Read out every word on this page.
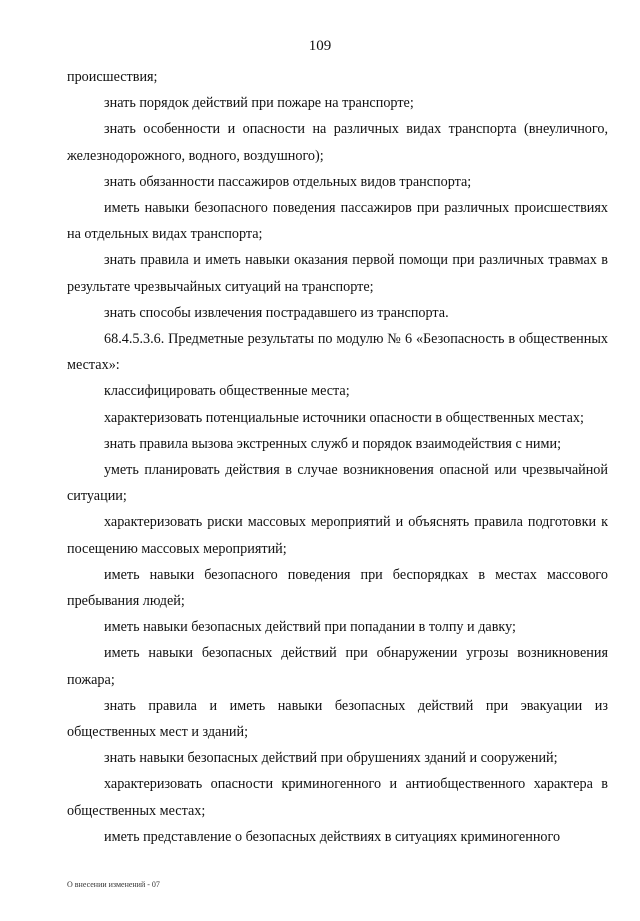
109

происшествия;

знать порядок действий при пожаре на транспорте;

знать особенности и опасности на различных видах транспорта (внеуличного, железнодорожного, водного, воздушного);

знать обязанности пассажиров отдельных видов транспорта;

иметь навыки безопасного поведения пассажиров при различных происшествиях на отдельных видах транспорта;

знать правила и иметь навыки оказания первой помощи при различных травмах в результате чрезвычайных ситуаций на транспорте;

знать способы извлечения пострадавшего из транспорта.

68.4.5.3.6. Предметные результаты по модулю № 6 «Безопасность в общественных местах»:

классифицировать общественные места;

характеризовать потенциальные источники опасности в общественных местах;

знать правила вызова экстренных служб и порядок взаимодействия с ними;

уметь планировать действия в случае возникновения опасной или чрезвычайной ситуации;

характеризовать риски массовых мероприятий и объяснять правила подготовки к посещению массовых мероприятий;

иметь навыки безопасного поведения при беспорядках в местах массового пребывания людей;

иметь навыки безопасных действий при попадании в толпу и давку;

иметь навыки безопасных действий при обнаружении угрозы возникновения пожара;

знать правила и иметь навыки безопасных действий при эвакуации из общественных мест и зданий;

знать навыки безопасных действий при обрушениях зданий и сооружений;

характеризовать опасности криминогенного и антиобщественного характера в общественных местах;

иметь представление о безопасных действиях в ситуациях криминогенного

О внесении изменений - 07
